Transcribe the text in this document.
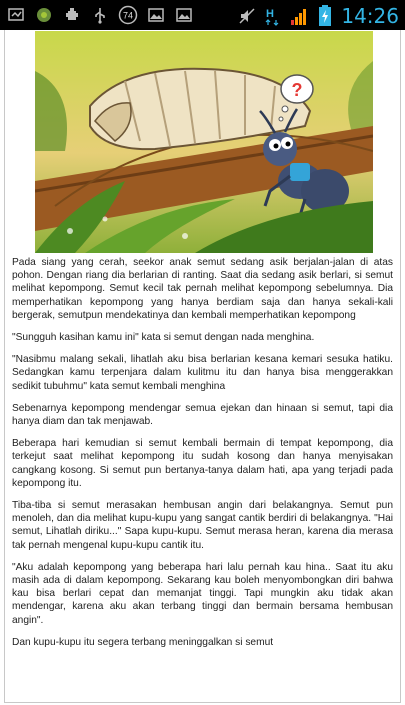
74	H	14:26
?

Pada siang yang cerah, seekor anak semut sedang asik berjalan-jalan di atas pohon. Dengan riang dia berlarian di ranting. Saat dia sedang asik berlari, si semut melihat kepompong. Semut kecil tak pernah melihat kepompong sebelumnya. Dia memperhatikan kepompong yang hanya berdiam saja dan hanya sekali-kali bergerak, semutpun mendekatinya dan kembali memperhatikan kepompong

"Sungguh kasihan kamu ini" kata si semut dengan nada menghina.

"Nasibmu malang sekali, lihatlah aku bisa berlarian kesana kemari sesuka hatiku. Sedangkan kamu terpenjara dalam kulitmu itu dan hanya bisa menggerakkan sedikit tubuhmu" kata semut kembali menghina

Sebenarnya kepompong mendengar semua ejekan dan hinaan si semut, tapi dia hanya diam dan tak menjawab.

Beberapa hari kemudian si semut kembali bermain di tempat kepompong, dia terkejut saat melihat kepompong itu sudah kosong dan hanya menyisakan cangkang kosong. Si semut pun bertanya-tanya dalam hati, apa yang terjadi pada kepompong itu.

Tiba-tiba si semut merasakan hembusan angin dari belakangnya. Semut pun menoleh, dan dia melihat kupu-kupu yang sangat cantik berdiri di belakangnya. "Hai semut, Lihatlah diriku..." Sapa kupu-kupu. Semut merasa heran, karena dia merasa tak pernah mengenal kupu-kupu cantik itu.

"Aku adalah kepompong yang beberapa hari lalu pernah kau hina.. Saat itu aku masih ada di dalam kepompong. Sekarang kau boleh menyombongkan diri bahwa kau bisa berlari cepat dan memanjat tinggi. Tapi mungkin aku tidak akan mendengar, karena aku akan terbang tinggi dan bermain bersama hembusan angin".

Dan kupu-kupu itu segera terbang meninggalkan si semut
